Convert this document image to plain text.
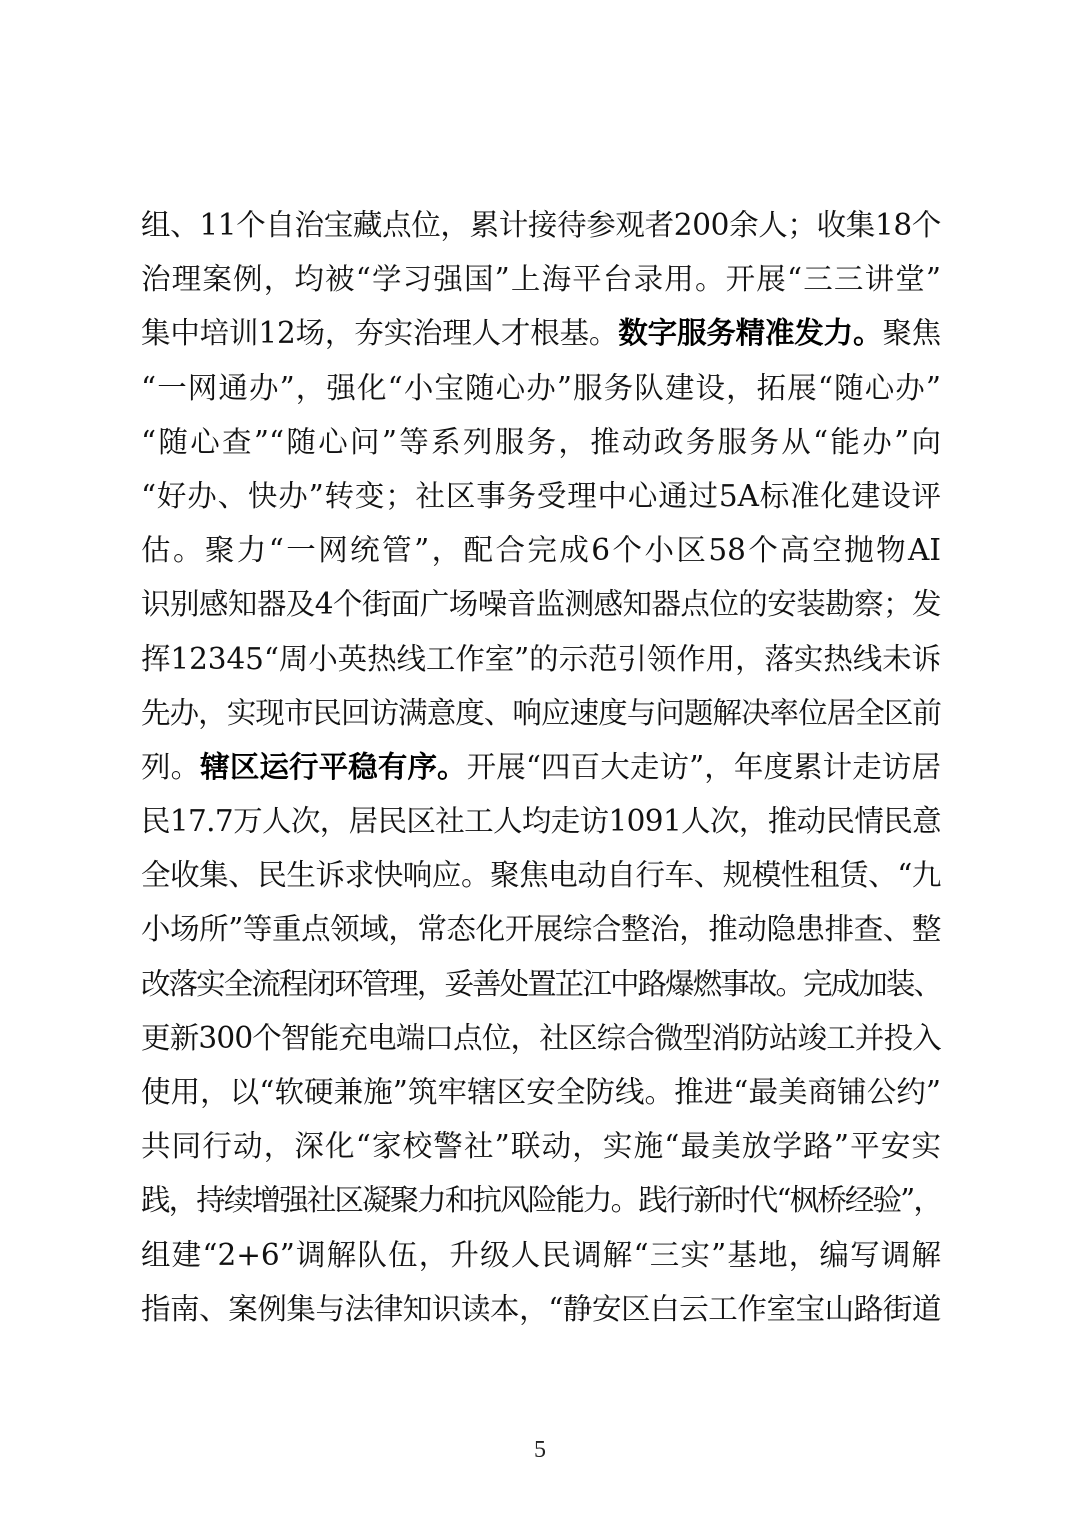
组、11个自治宝藏点位，累计接待参观者200余人；收集18个
治理案例，均被“学习强国”上海平台录用。开展“三三讲堂”
集中培训12场，夯实治理人才根基。数字服务精准发力。聚焦
“一网通办”，强化“小宝随心办”服务队建设，拓展“随心办”
“随心查”“随心问”等系列服务，推动政务服务从“能办”向
“好办、快办”转变；社区事务受理中心通过5A标准化建设评
估。聚力“一网统管”，配合完成6个小区58个高空抛物AI
识别感知器及4个街面广场噪音监测感知器点位的安装勘察；发
挥12345“周小英热线工作室”的示范引领作用，落实热线未诉
先办，实现市民回访满意度、响应速度与问题解决率位居全区前
列。辖区运行平稳有序。开展“四百大走访”，年度累计走访居
民17.7万人次，居民区社工人均走访1091人次，推动民情民意
全收集、民生诉求快响应。聚焦电动自行车、规模性租赁、“九
小场所”等重点领域，常态化开展综合整治，推动隐患排查、整
改落实全流程闭环管理，妥善处置芷江中路爆燃事故。完成加装、
更新300个智能充电端口点位，社区综合微型消防站竣工并投入
使用，以“软硬兼施”筑牢辖区安全防线。推进“最美商铺公约”
共同行动，深化“家校警社”联动，实施“最美放学路”平安实
践，持续增强社区凝聚力和抗风险能力。践行新时代“枫桥经验”，
组建“2+6”调解队伍，升级人民调解“三实”基地，编写调解
指南、案例集与法律知识读本，“静安区白云工作室宝山路街道
5
